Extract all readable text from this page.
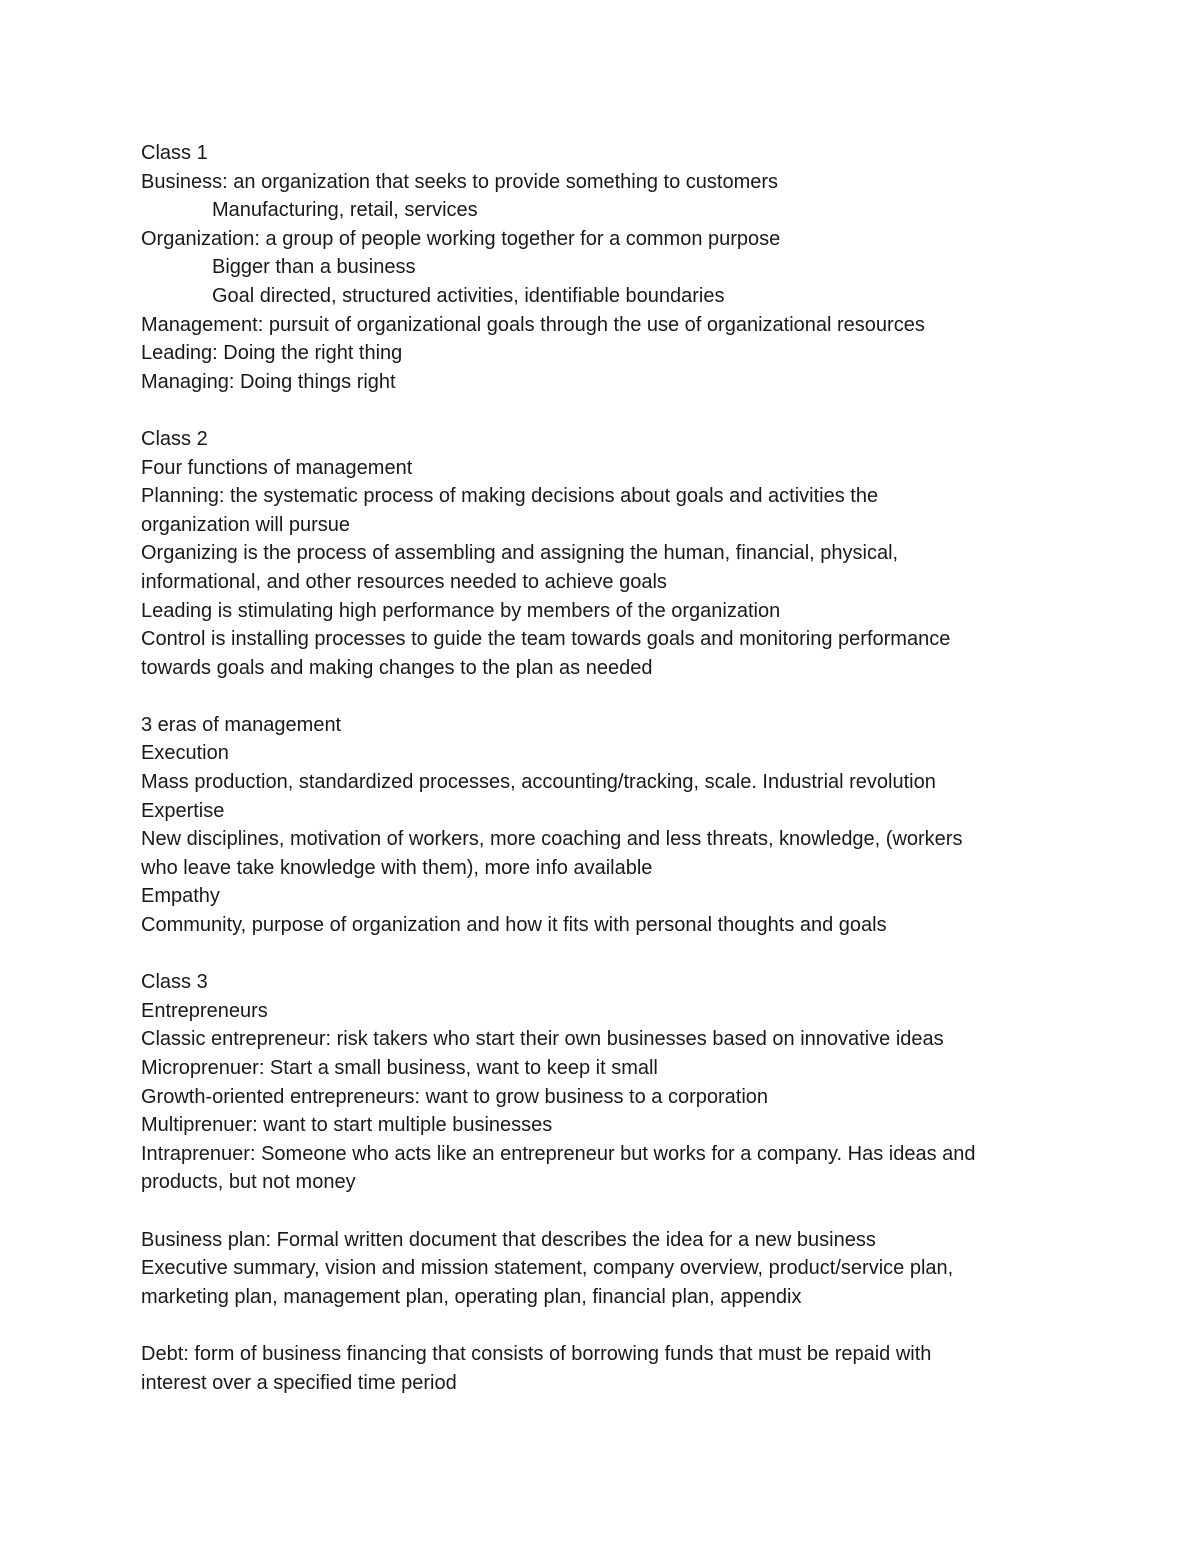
Class 1

Business: an organization that seeks to provide something to customers

Manufacturing, retail, services

Organization: a group of people working together for a common purpose

Bigger than a business

Goal directed, structured activities, identifiable boundaries

Management: pursuit of organizational goals through the use of organizational resources

Leading: Doing the right thing

Managing: Doing things right

Class 2

Four functions of management

Planning: the systematic process of making decisions about goals and activities the

organization will pursue

Organizing is the process of assembling and assigning the human, financial, physical,

informational, and other resources needed to achieve goals

Leading is stimulating high performance by members of the organization

Control is installing processes to guide the team towards goals and monitoring performance

towards goals and making changes to the plan as needed

3 eras of management

Execution

Mass production, standardized processes, accounting/tracking, scale. Industrial revolution

Expertise

New disciplines, motivation of workers, more coaching and less threats, knowledge, (workers

who leave take knowledge with them), more info available

Empathy

Community, purpose of organization and how it fits with personal thoughts and goals

Class 3

Entrepreneurs

Classic entrepreneur: risk takers who start their own businesses based on innovative ideas

Microprenuer: Start a small business, want to keep it small

Growth-oriented entrepreneurs: want to grow business to a corporation

Multiprenuer: want to start multiple businesses

Intraprenuer: Someone who acts like an entrepreneur but works for a company. Has ideas and

products, but not money

Business plan: Formal written document that describes the idea for a new business

Executive summary, vision and mission statement, company overview, product/service plan,

marketing plan, management plan, operating plan, financial plan, appendix

Debt: form of business financing that consists of borrowing funds that must be repaid with

interest over a specified time period
